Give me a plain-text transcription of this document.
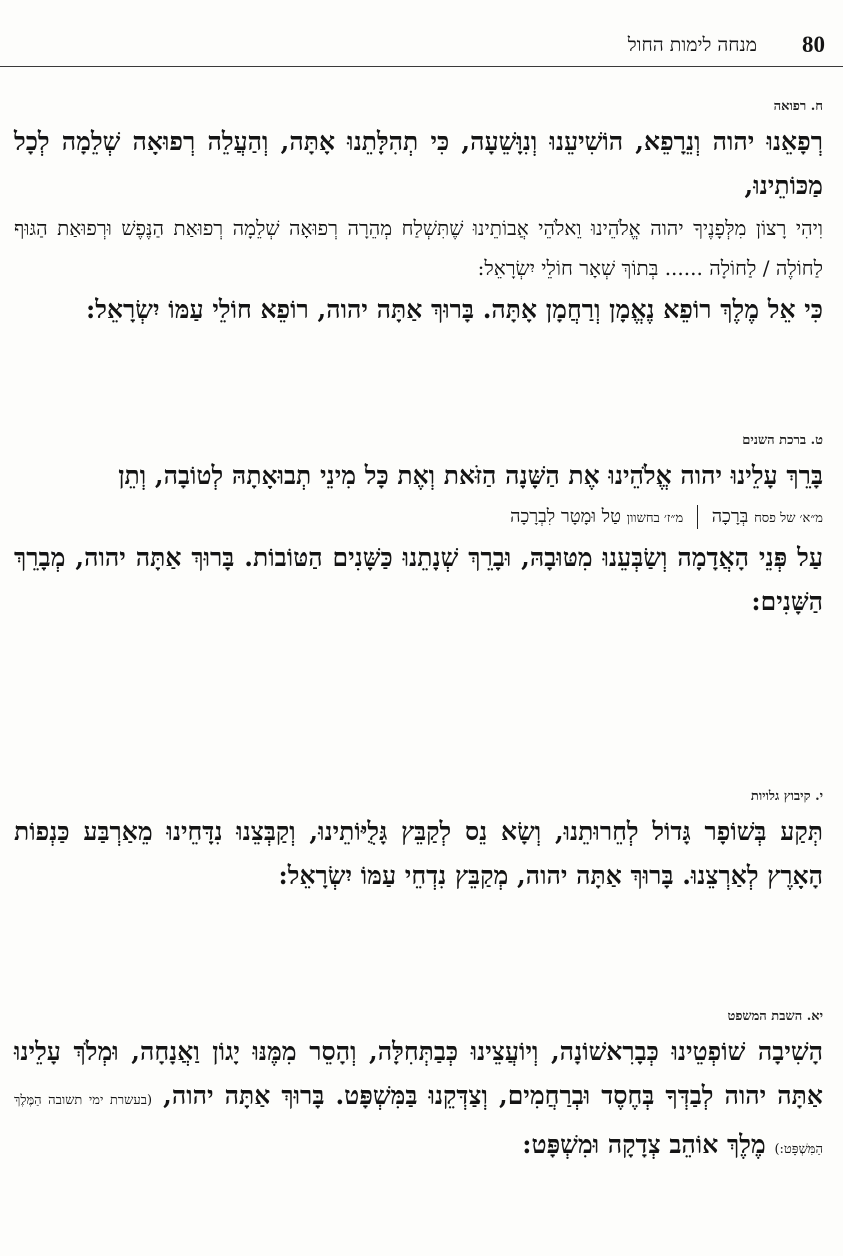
80
מנחה לימות החול

ח. רפואה

רְפָאֵנוּ יהוה וְנֵרָפֵא, הוֹשִׁיעֵנוּ וְנִוָּשֵׁעָה, כִּי תְהִלָּתֵנוּ אָתָּה, וְהַעֲלֵה רְפוּאָה שְׁלֵמָה לְכָל מַכּוֹתֵינוּ,

וִיהִי רָצוֹן מִלְּפָנֶיךָ יהוה אֱלֹהֵינוּ וֵאלֹהֵי אֲבוֹתֵינוּ שֶׁתִּשְׁלַח מְהֵרָה רְפוּאָה שְׁלֵמָה רְפוּאַת הַנֶּפֶשׁ וּרְפוּאַת הַגּוּף לַחוֹלֶה / לַחוֹלָה ...... בְּתוֹךְ שְׁאָר חוֹלֵי יִשְׂרָאֵל:

כִּי אֵל מֶלֶךְ רוֹפֵא נֶאֱמָן וְרַחֲמָן אָתָּה. בָּרוּךְ אַתָּה יהוה, רוֹפֵא חוֹלֵי עַמּוֹ יִשְׂרָאֵל:

ט. ברכת השנים

בָּרֵךְ עָלֵינוּ יהוה אֱלֹהֵינוּ אֶת הַשָּׁנָה הַזֹּאת וְאֶת כָּל מִינֵי תְבוּאָתָהּ לְטוֹבָה, וְתֵן

מ״א׳ של פסח בְּרָכָה  מ״ז׳ בחשוון טַל וּמָטָר לִבְרָכָה

עַל פְּנֵי הָאֲדָמָה וְשַׂבְּעֵנוּ מִטּוּבָהּ, וּבָרֵךְ שְׁנָתֵנוּ כַּשָּׁנִים הַטּוֹבוֹת. בָּרוּךְ אַתָּה יהוה, מְבָרֵךְ הַשָּׁנִים:

י. קיבוץ גלויות

תְּקַע בְּשׁוֹפָר גָּדוֹל לְחֵרוּתֵנוּ, וְשָׂא נֵס לְקַבֵּץ גָּלֻיּוֹתֵינוּ, וְקַבְּצֵנוּ נִדָּחֵינוּ מֵאַרְבַּע כַּנְפוֹת הָאָרֶץ לְאַרְצֵנוּ. בָּרוּךְ אַתָּה יהוה, מְקַבֵּץ נִדְחֵי עַמּוֹ יִשְׂרָאֵל:

יא. השבת המשפט

הָשִׁיבָה שׁוֹפְטֵינוּ כְּבָרִאשׁוֹנָה, וְיוֹעֲצֵינוּ כְּבַתְּחִלָּה, וְהָסֵר מִמֶּנּוּ יָגוֹן וַאֲנָחָה, וּמְלֹךְ עָלֵינוּ אַתָּה יהוה לְבַדְּךָ בְּחֶסֶד וּבְרַחֲמִים, וְצַדְּקֵנוּ בַּמִּשְׁפָּט. בָּרוּךְ אַתָּה יהוה, (בעשרת ימי תשובה הַמֶּלֶךְ הַמִּשְׁפָּט:) מֶלֶךְ אוֹהֵב צְדָקָה וּמִשְׁפָּט:
